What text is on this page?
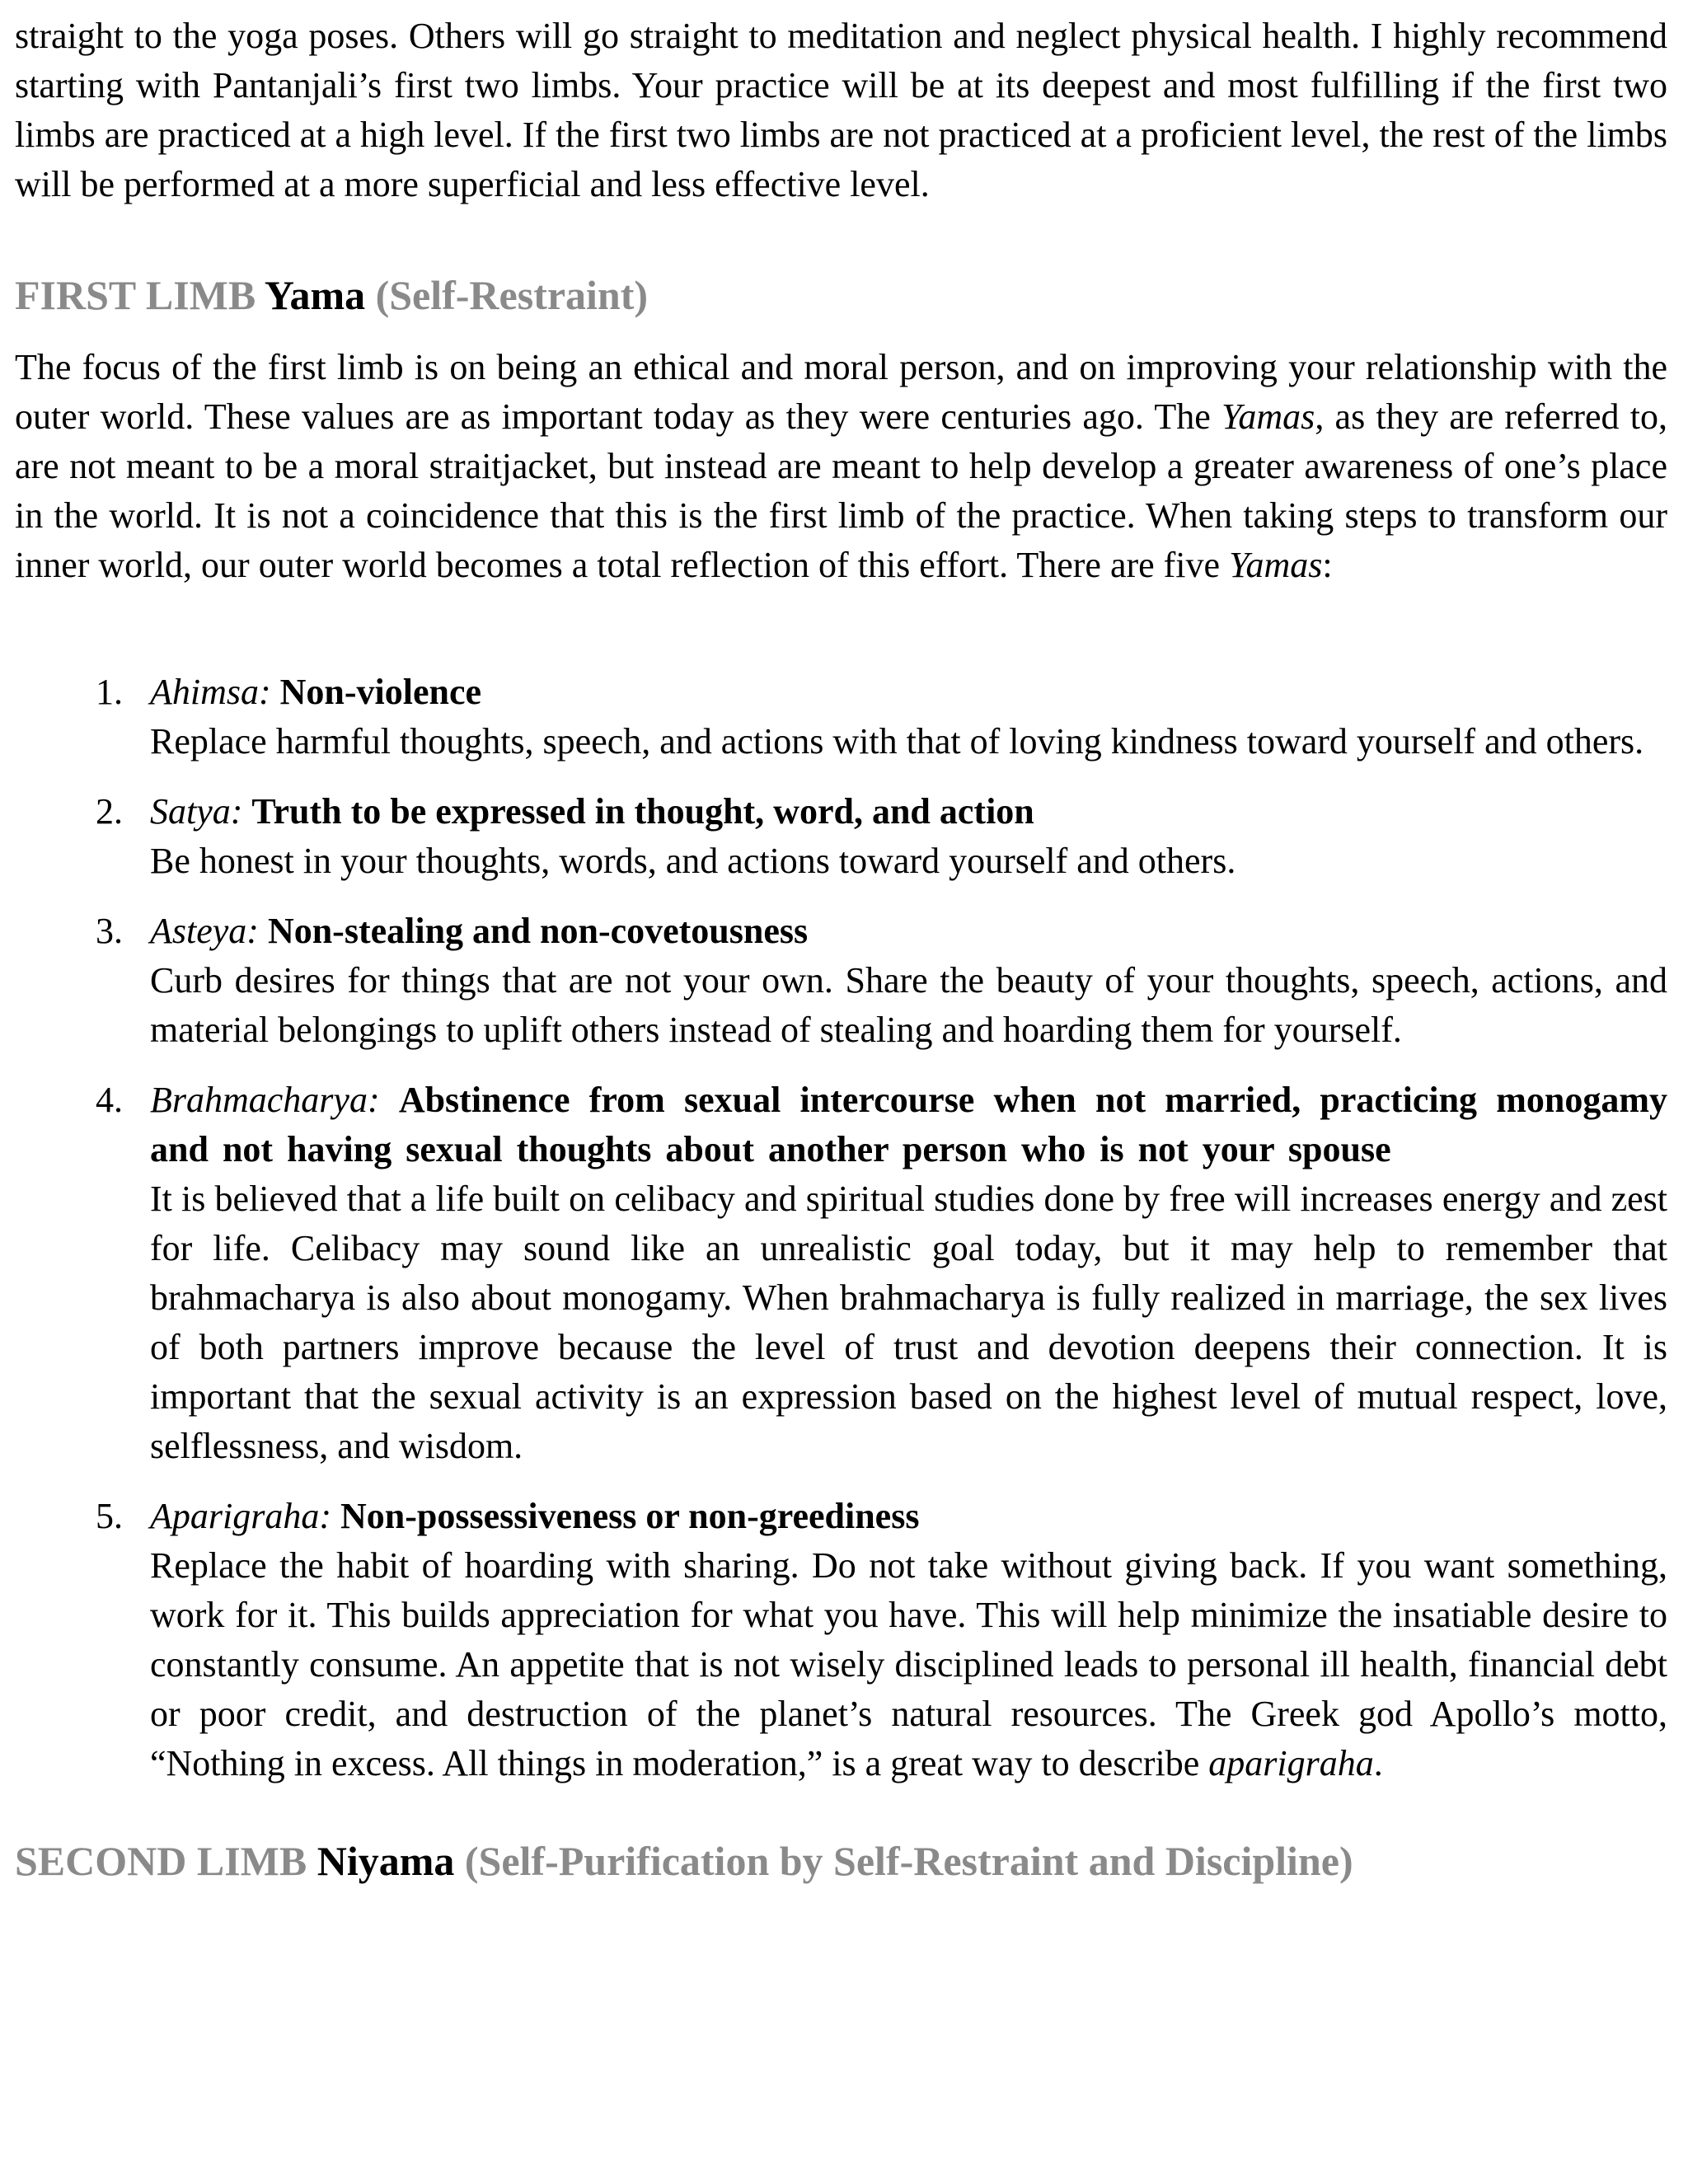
straight to the yoga poses. Others will go straight to meditation and neglect physical health. I highly recommend starting with Pantanjali’s first two limbs. Your practice will be at its deepest and most fulfilling if the first two limbs are practiced at a high level. If the first two limbs are not practiced at a proficient level, the rest of the limbs will be performed at a more superficial and less effective level.

FIRST LIMB Yama (Self-Restraint)

The focus of the first limb is on being an ethical and moral person, and on improving your relationship with the outer world. These values are as important today as they were centuries ago. The Yamas, as they are referred to, are not meant to be a moral straitjacket, but instead are meant to help develop a greater awareness of one’s place in the world. It is not a coincidence that this is the first limb of the practice. When taking steps to transform our inner world, our outer world becomes a total reflection of this effort. There are five Yamas:

1. Ahimsa: Non-violence

Replace harmful thoughts, speech, and actions with that of loving kindness toward yourself and others.

2. Satya: Truth to be expressed in thought, word, and action

Be honest in your thoughts, words, and actions toward yourself and others.

3. Asteya: Non-stealing and non-covetousness

Curb desires for things that are not your own. Share the beauty of your thoughts, speech, actions, and material belongings to uplift others instead of stealing and hoarding them for yourself.

4. Brahmacharya: Abstinence from sexual intercourse when not married, practicing monogamy and not having sexual thoughts about another person who is not your spouse

It is believed that a life built on celibacy and spiritual studies done by free will increases energy and zest for life. Celibacy may sound like an unrealistic goal today, but it may help to remember that brahmacharya is also about monogamy. When brahmacharya is fully realized in marriage, the sex lives of both partners improve because the level of trust and devotion deepens their connection. It is important that the sexual activity is an expression based on the highest level of mutual respect, love, selflessness, and wisdom.

5. Aparigraha: Non-possessiveness or non-greediness

Replace the habit of hoarding with sharing. Do not take without giving back. If you want something, work for it. This builds appreciation for what you have. This will help minimize the insatiable desire to constantly consume. An appetite that is not wisely disciplined leads to personal ill health, financial debt or poor credit, and destruction of the planet’s natural resources. The Greek god Apollo’s motto, “Nothing in excess. All things in moderation,” is a great way to describe aparigraha.

SECOND LIMB Niyama (Self-Purification by Self-Restraint and Discipline)
